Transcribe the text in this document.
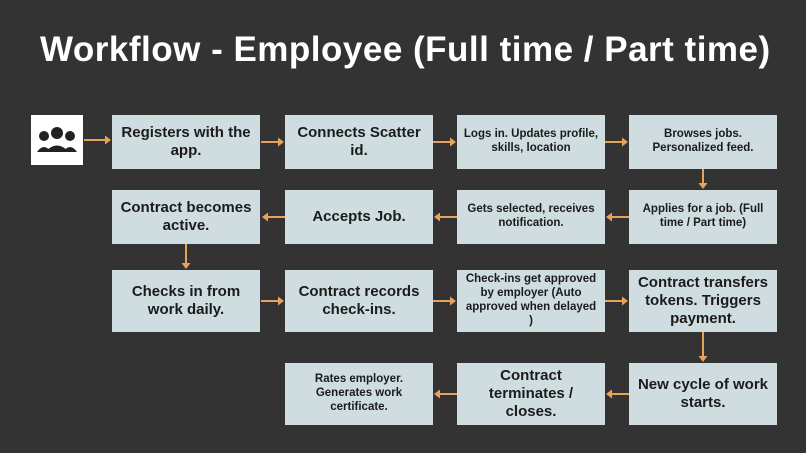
Workflow - Employee (Full time / Part time)
Registers with the app.
Connects Scatter id.
Logs in. Updates profile, skills, location
Browses jobs. Personalized feed.
Contract becomes active.
Accepts Job.	Gets selected, receives notification.
Applies for a job. (Full time / Part time)
Checks in from work daily.
Contract records check-ins.
Check-ins get approved by employer (Auto approved when delayed )
Contract transfers tokens. Triggers payment.
Rates employer. Generates work certificate.
Contract terminates / closes.
New cycle of work starts.
